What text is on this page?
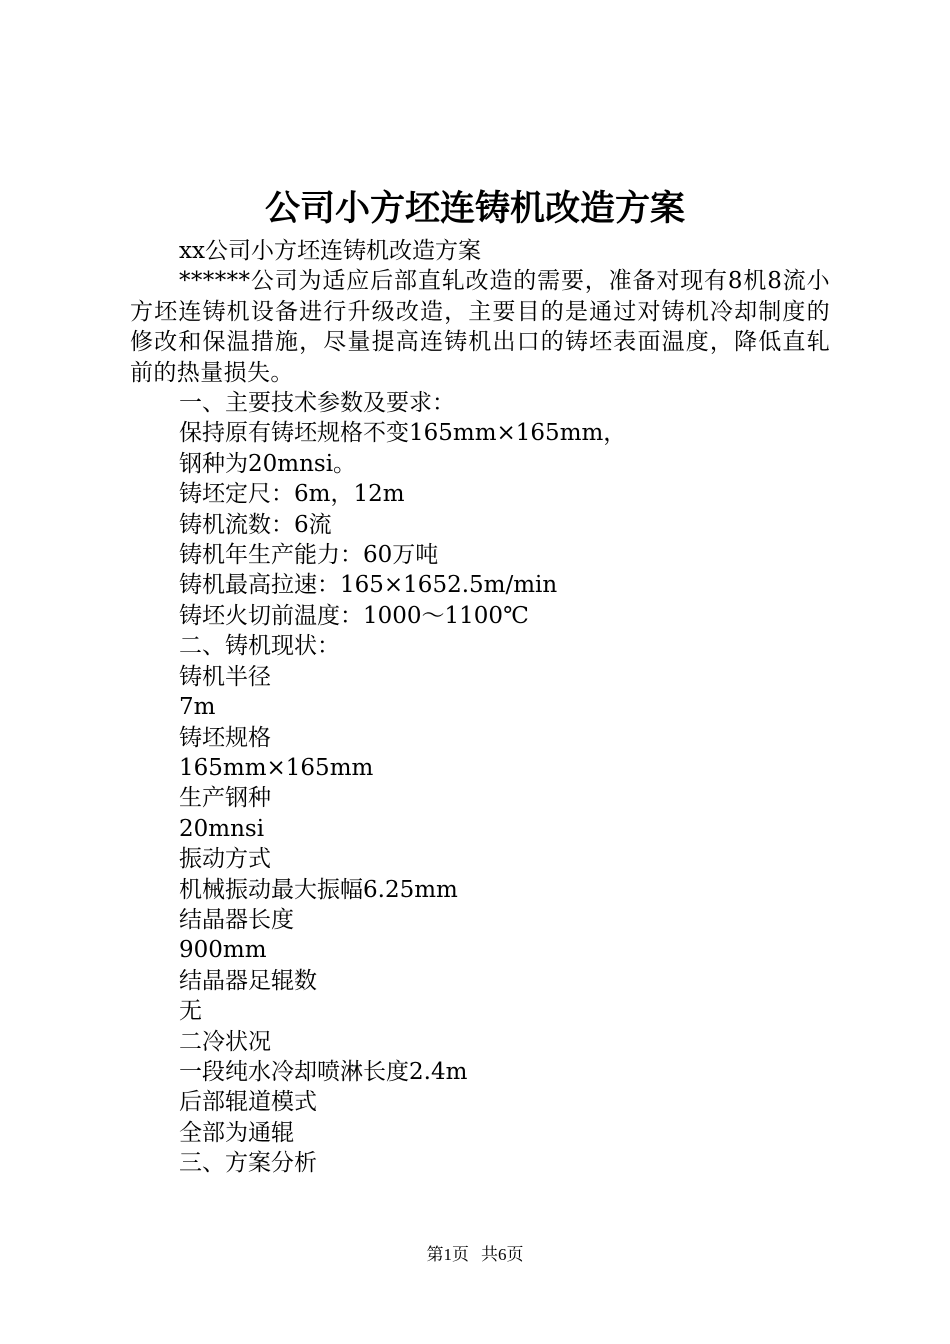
公司小方坯连铸机改造方案
xx公司小方坯连铸机改造方案
******公司为适应后部直轧改造的需要，准备对现有8机8流小方坯连铸机设备进行升级改造，主要目的是通过对铸机冷却制度的修改和保温措施，尽量提高连铸机出口的铸坯表面温度，降低直轧前的热量损失。
一、主要技术参数及要求：
保持原有铸坯规格不变165mm×165mm，
钢种为20mnsi。
铸坯定尺：6m，12m
铸机流数：6流
铸机年生产能力：60万吨
铸机最高拉速：165×1652.5m/min
铸坯火切前温度：1000～1100℃
二、铸机现状：
铸机半径
7m
铸坯规格
165mm×165mm
生产钢种
20mnsi
振动方式
机械振动最大振幅6.25mm
结晶器长度
900mm
结晶器足辊数
无
二冷状况
一段纯水冷却喷淋长度2.4m
后部辊道模式
全部为通辊
三、方案分析
第1页 共6页
